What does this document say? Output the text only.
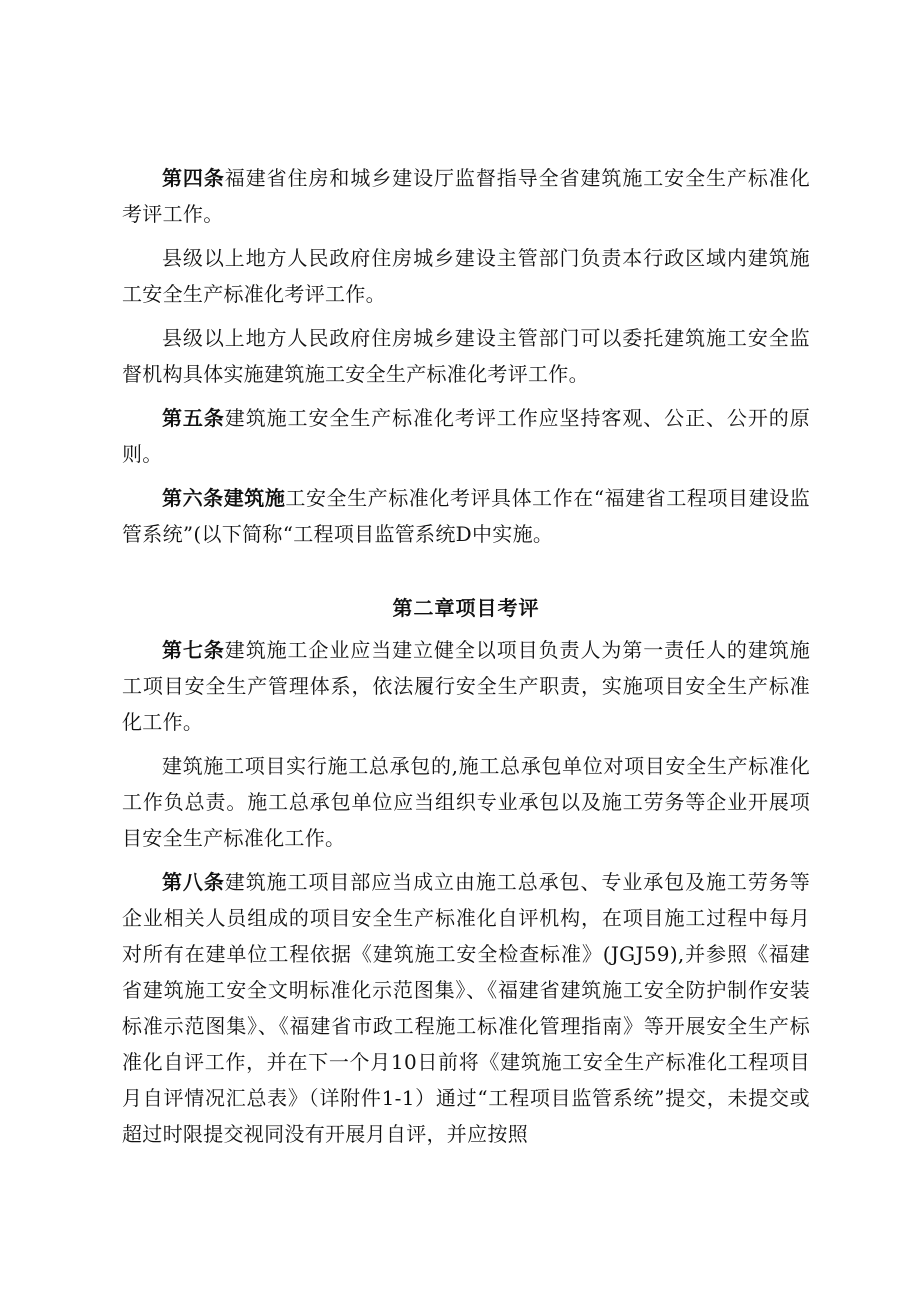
第四条福建省住房和城乡建设厅监督指导全省建筑施工安全生产标准化考评工作。

县级以上地方人民政府住房城乡建设主管部门负责本行政区域内建筑施工安全生产标准化考评工作。

县级以上地方人民政府住房城乡建设主管部门可以委托建筑施工安全监督机构具体实施建筑施工安全生产标准化考评工作。

第五条建筑施工安全生产标准化考评工作应坚持客观、公正、公开的原则。

第六条建筑施工安全生产标准化考评具体工作在“福建省工程项目建设监管系统”(以下简称“工程项目监管系统D中实施。

第二章项目考评

第七条建筑施工企业应当建立健全以项目负责人为第一责任人的建筑施工项目安全生产管理体系，依法履行安全生产职责，实施项目安全生产标准化工作。

建筑施工项目实行施工总承包的,施工总承包单位对项目安全生产标准化工作负总责。施工总承包单位应当组织专业承包以及施工劳务等企业开展项目安全生产标准化工作。

第八条建筑施工项目部应当成立由施工总承包、专业承包及施工劳务等企业相关人员组成的项目安全生产标准化自评机构，在项目施工过程中每月对所有在建单位工程依据《建筑施工安全检查标准》(JGJ59),并参照《福建省建筑施工安全文明标准化示范图集》、《福建省建筑施工安全防护制作安装标准示范图集》、《福建省市政工程施工标准化管理指南》等开展安全生产标准化自评工作，并在下一个月10日前将《建筑施工安全生产标准化工程项目月自评情况汇总表》（详附件1-1）通过“工程项目监管系统”提交，未提交或超过时限提交视同没有开展月自评，并应按照
